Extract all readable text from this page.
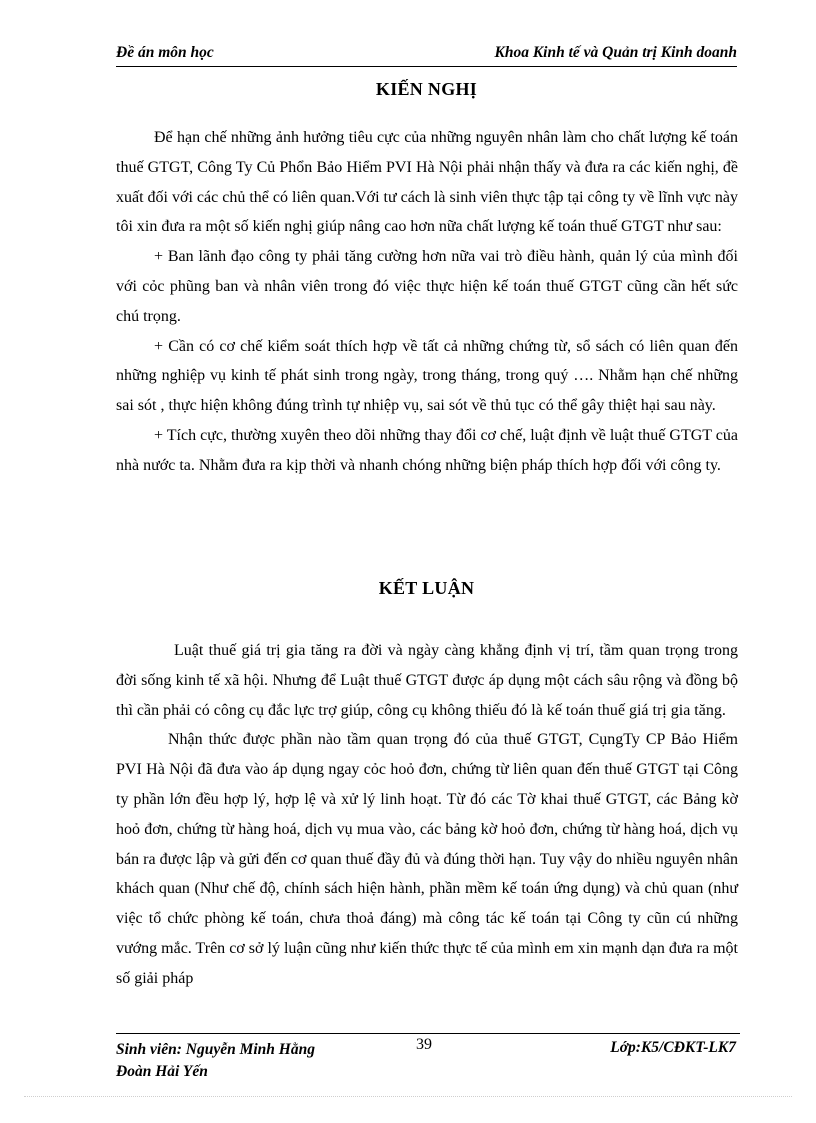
Đề án môn học	Khoa Kinh tế và Quản trị Kinh doanh
KIẾN NGHỊ

Để hạn chế những ảnh hưởng tiêu cực của những nguyên nhân làm cho chất lượng kế toán thuế GTGT, Công Ty Củ Phổn Bảo Hiểm PVI Hà Nội phải nhận thấy và đưa ra các kiến nghị, đề xuất đối với các chủ thể có liên quan.Với tư cách là sinh viên thực tập tại công ty về lĩnh vực này tôi xin đưa ra một số kiến nghị giúp nâng cao hơn nữa chất lượng kế toán thuế GTGT như sau:

+ Ban lãnh đạo công ty phải tăng cường hơn nữa vai trò điều hành, quản lý của mình đối với cỏc phũng ban và nhân viên trong đó việc thực hiện kế toán thuế GTGT cũng cần hết sức chú trọng.

+ Cần có cơ chế kiểm soát thích hợp về tất cả những chứng từ, sổ sách có liên quan đến những nghiệp vụ kinh tế phát sinh trong ngày, trong tháng, trong quý …. Nhằm hạn chế những sai sót , thực hiện không đúng trình tự nhiệp vụ, sai sót về thủ tục có thể gây thiệt hại sau này.

+ Tích cực, thường xuyên theo dõi những thay đổi cơ chế, luật định về luật thuế GTGT của nhà nước ta. Nhằm đưa ra kịp thời và nhanh chóng những biện pháp thích hợp đối với công ty.

KẾT LUẬN

Luật thuế giá trị gia tăng ra đời và ngày càng khẳng định vị trí, tầm quan trọng trong đời sống kinh tế xã hội. Nhưng để Luật thuế GTGT được áp dụng một cách sâu rộng và đồng bộ thì cần phải có công cụ đắc lực trợ giúp, công cụ không thiếu đó là kế toán thuế giá trị gia tăng.

Nhận thức được phần nào tầm quan trọng đó của thuế GTGT, CụngTy CP Bảo Hiểm PVI Hà Nội đã đưa vào áp dụng ngay cỏc hoỏ đơn, chứng từ liên quan đến thuế GTGT tại Công ty phần lớn đều hợp lý, hợp lệ và xử lý linh hoạt. Từ đó các Tờ khai thuế GTGT, các Bảng kờ hoỏ đơn, chứng từ hàng hoá, dịch vụ mua vào, các bảng kờ hoỏ đơn, chứng từ hàng hoá, dịch vụ bán ra được lập và gửi đến cơ quan thuế đầy đủ và đúng thời hạn. Tuy vậy do nhiều nguyên nhân khách quan (Như chế độ, chính sách hiện hành, phần mềm kế toán ứng dụng) và chủ quan (như việc tổ chức phòng kế toán, chưa thoả đáng) mà công tác kế toán tại Công ty cũn cú những vướng mắc. Trên cơ sở lý luận cũng như kiến thức thực tế của mình em xin mạnh dạn đưa ra một số giải pháp

Sinh viên: Nguyễn Minh Hằng
Đoàn Hải Yến
39	Lớp:K5/CĐKT-LK7
